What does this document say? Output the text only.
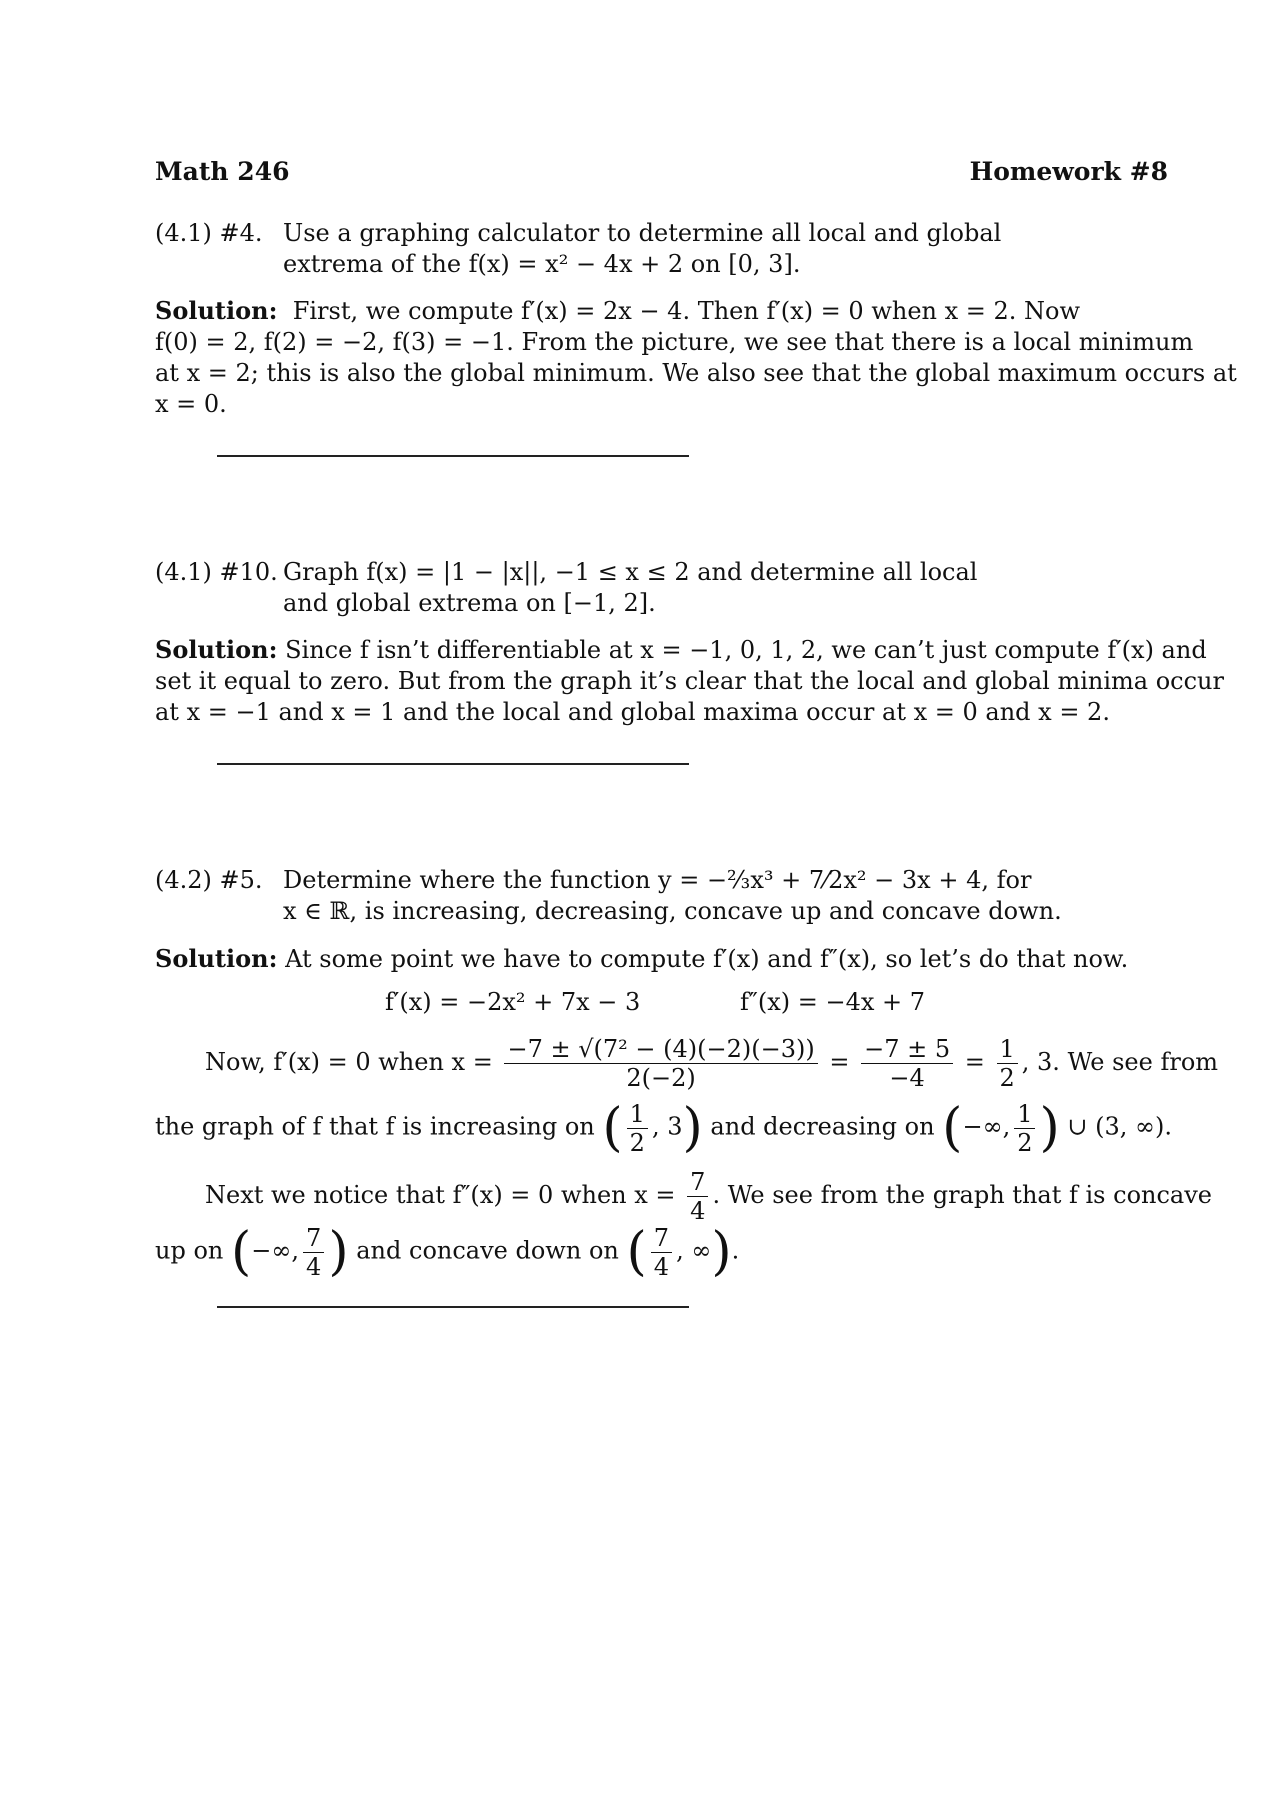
Math 246	Homework #8
(4.1) #4. Use a graphing calculator to determine all local and global
extrema of the f(x) = x² − 4x + 2 on [0, 3].
Solution: First, we compute f′(x) = 2x − 4. Then f′(x) = 0 when x = 2. Now
f(0) = 2, f(2) = −2, f(3) = −1. From the picture, we see that there is a local minimum
at x = 2; this is also the global minimum. We also see that the global maximum occurs at
x = 0.
(4.1) #10. Graph f(x) = |1 − |x||, −1 ≤ x ≤ 2 and determine all local
and global extrema on [−1, 2].
Solution: Since f isn’t differentiable at x = −1, 0, 1, 2, we can’t just compute f′(x) and
set it equal to zero. But from the graph it’s clear that the local and global minima occur
at x = −1 and x = 1 and the local and global maxima occur at x = 0 and x = 2.
(4.2) #5. Determine where the function y = −⅔x³ + 7⁄2x² − 3x + 4, for
x ∈ ℝ, is increasing, decreasing, concave up and concave down.
Solution: At some point we have to compute f′(x) and f″(x), so let’s do that now.
f′(x) = −2x² + 7x − 3	f″(x) = −4x + 7
Now, f′(x) = 0 when $x = \frac{\text{−7 ± √(7² − (4)(−2)(−3))}}{2(-2)} = \frac{-7 \pm 5}{-4} = \frac{1}{2}$ , 3. We see from
the graph of f that f is increasing on ( $\frac{1}{2}$ , 3) and decreasing on (−∞, $\frac{1}{2}$ ) ∪ (3, ∞).
Next we notice that f″(x) = 0 when $x = \frac{7}{4}$ . We see from the graph that f is concave
up on (−∞, $\frac{7}{4}$ ) and concave down on ( $\frac{7}{4}$ , ∞).
